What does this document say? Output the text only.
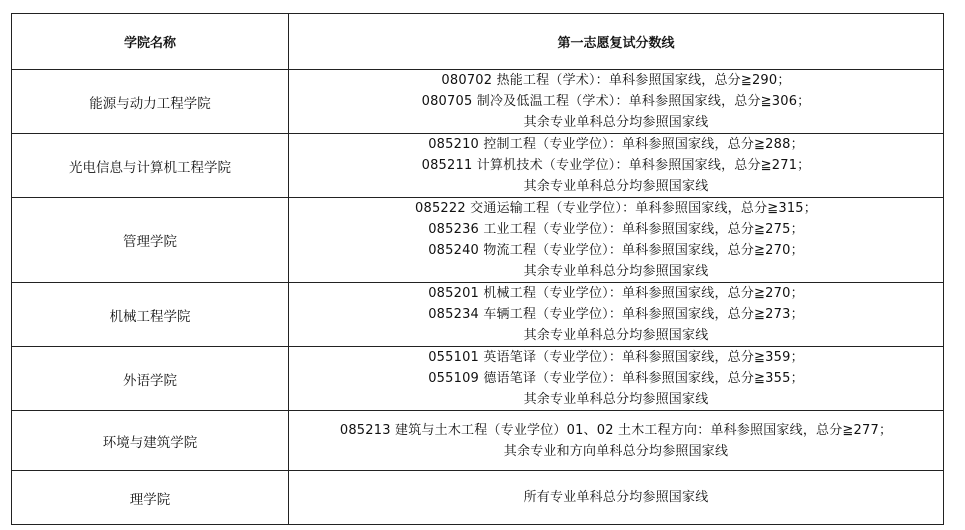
学院名称	第一志愿复试分数线
能源与动力工程学院	080702 热能工程（学术）：单科参照国家线，总分≧290；
080705 制冷及低温工程（学术）：单科参照国家线，总分≧306；
其余专业单科总分均参照国家线

光电信息与计算机工程学院	085210 控制工程（专业学位）：单科参照国家线，总分≧288；
085211 计算机技术（专业学位）：单科参照国家线，总分≧271；
其余专业单科总分均参照国家线

管理学院	085222 交通运输工程（专业学位）：单科参照国家线，总分≧315；
085236 工业工程（专业学位）：单科参照国家线，总分≧275；
085240 物流工程（专业学位）：单科参照国家线，总分≧270；
其余专业单科总分均参照国家线

机械工程学院	085201 机械工程（专业学位）：单科参照国家线，总分≧270；
085234 车辆工程（专业学位）：单科参照国家线，总分≧273；
其余专业单科总分均参照国家线

外语学院	055101 英语笔译（专业学位）：单科参照国家线，总分≧359；
055109 德语笔译（专业学位）：单科参照国家线，总分≧355；
其余专业单科总分均参照国家线

环境与建筑学院	085213 建筑与土木工程（专业学位）01、02 土木工程方向：单科参照国家线，总分≧277；
其余专业和方向单科总分均参照国家线

理学院	所有专业单科总分均参照国家线
